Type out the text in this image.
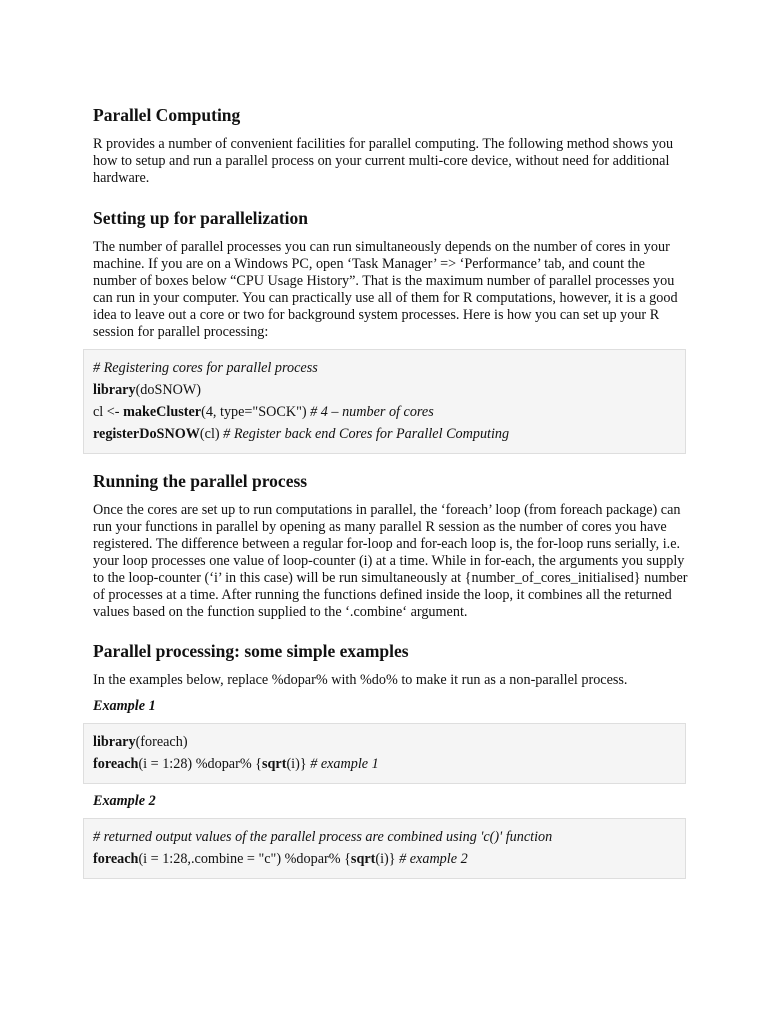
Parallel Computing

R provides a number of convenient facilities for parallel computing. The following method shows you how to setup and run a parallel process on your current multi-core device, without need for additional hardware.

Setting up for parallelization

The number of parallel processes you can run simultaneously depends on the number of cores in your machine. If you are on a Windows PC, open ‘Task Manager’ => ‘Performance’ tab, and count the number of boxes below “CPU Usage History”. That is the maximum number of parallel processes you can run in your computer. You can practically use all of them for R computations, however, it is a good idea to leave out a core or two for background system processes. Here is how you can set up your R session for parallel processing:

# Registering cores for parallel process
library(doSNOW)
cl <- makeCluster(4, type="SOCK") # 4 – number of cores
registerDoSNOW(cl) # Register back end Cores for Parallel Computing
Running the parallel process

Once the cores are set up to run computations in parallel, the ‘foreach’ loop (from foreach package) can run your functions in parallel by opening as many parallel R session as the number of cores you have registered. The difference between a regular for-loop and for-each loop is, the for-loop runs serially, i.e. your loop processes one value of loop-counter (i) at a time. While in for-each, the arguments you supply to the loop-counter (‘i’ in this case) will be run simultaneously at {number_of_cores_initialised} number of processes at a time. After running the functions defined inside the loop, it combines all the returned values based on the function supplied to the ‘.combine‘ argument.

Parallel processing: some simple examples

In the examples below, replace %dopar% with %do% to make it run as a non-parallel process.

Example 1

library(foreach)
foreach(i = 1:28) %dopar% {sqrt(i)} # example 1

Example 2

# returned output values of the parallel process are combined using 'c()' function
foreach(i = 1:28,.combine = "c") %dopar% {sqrt(i)} # example 2
